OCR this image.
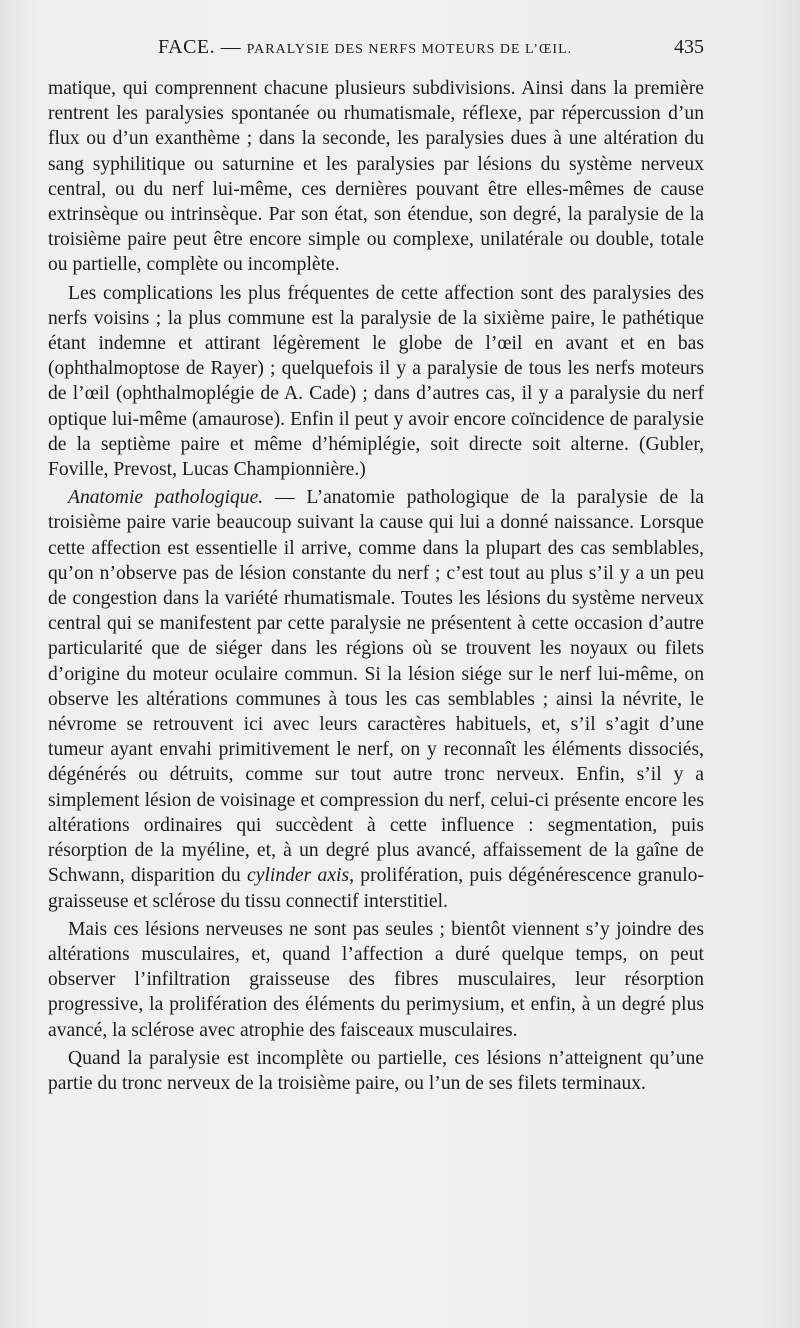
FACE. — PARALYSIE DES NERFS MOTEURS DE L’ŒIL.	435

matique, qui comprennent chacune plusieurs subdivisions. Ainsi dans la première rentrent les paralysies spontanée ou rhumatismale, réflexe, par répercussion d’un flux ou d’un exanthème ; dans la seconde, les paralysies dues à une altération du sang syphilitique ou saturnine et les paralysies par lésions du système nerveux central, ou du nerf lui-même, ces dernières pouvant être elles-mêmes de cause extrinsèque ou intrinsèque. Par son état, son étendue, son degré, la paralysie de la troisième paire peut être encore simple ou complexe, unilatérale ou double, totale ou partielle, complète ou incomplète.

Les complications les plus fréquentes de cette affection sont des paralysies des nerfs voisins ; la plus commune est la paralysie de la sixième paire, le pathétique étant indemne et attirant légèrement le globe de l’œil en avant et en bas (ophthalmoptose de Rayer) ; quelquefois il y a paralysie de tous les nerfs moteurs de l’œil (ophthalmoplégie de A. Cade) ; dans d’autres cas, il y a paralysie du nerf optique lui-même (amaurose). Enfin il peut y avoir encore coïncidence de paralysie de la septième paire et même d’hémiplégie, soit directe soit alterne. (Gubler, Foville, Prevost, Lucas Championnière.)

Anatomie pathologique. — L’anatomie pathologique de la paralysie de la troisième paire varie beaucoup suivant la cause qui lui a donné naissance. Lorsque cette affection est essentielle il arrive, comme dans la plupart des cas semblables, qu’on n’observe pas de lésion constante du nerf ; c’est tout au plus s’il y a un peu de congestion dans la variété rhumatismale. Toutes les lésions du système nerveux central qui se manifestent par cette paralysie ne présentent à cette occasion d’autre particularité que de siéger dans les régions où se trouvent les noyaux ou filets d’origine du moteur oculaire commun. Si la lésion siége sur le nerf lui-même, on observe les altérations communes à tous les cas semblables ; ainsi la névrite, le névrome se retrouvent ici avec leurs caractères habituels, et, s’il s’agit d’une tumeur ayant envahi primitivement le nerf, on y reconnaît les éléments dissociés, dégénérés ou détruits, comme sur tout autre tronc nerveux. Enfin, s’il y a simplement lésion de voisinage et compression du nerf, celui-ci présente encore les altérations ordinaires qui succèdent à cette influence : segmentation, puis résorption de la myéline, et, à un degré plus avancé, affaissement de la gaîne de Schwann, disparition du cylinder axis, prolifération, puis dégénérescence granulo-graisseuse et sclérose du tissu connectif interstitiel.

Mais ces lésions nerveuses ne sont pas seules ; bientôt viennent s’y joindre des altérations musculaires, et, quand l’affection a duré quelque temps, on peut observer l’infiltration graisseuse des fibres musculaires, leur résorption progressive, la prolifération des éléments du perimysium, et enfin, à un degré plus avancé, la sclérose avec atrophie des faisceaux musculaires.

Quand la paralysie est incomplète ou partielle, ces lésions n’atteignent qu’une partie du tronc nerveux de la troisième paire, ou l’un de ses filets terminaux.
